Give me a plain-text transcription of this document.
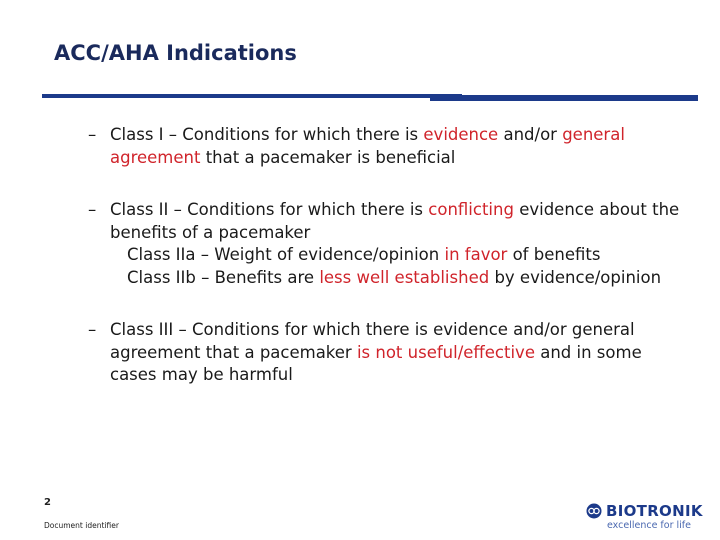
ACC/AHA Indications
– Class I – Conditions for which there is evidence and/or general agreement that a pacemaker is beneficial
– Class II – Conditions for which there is conflicting evidence about the benefits of a pacemaker
Class IIa – Weight of evidence/opinion in favor of benefits
Class IIb – Benefits are less well established by evidence/opinion
– Class III – Conditions for which there is evidence and/or general agreement that a pacemaker is not useful/effective and in some cases may be harmful
2
Document identifier
BIOTRONIK
excellence for life
